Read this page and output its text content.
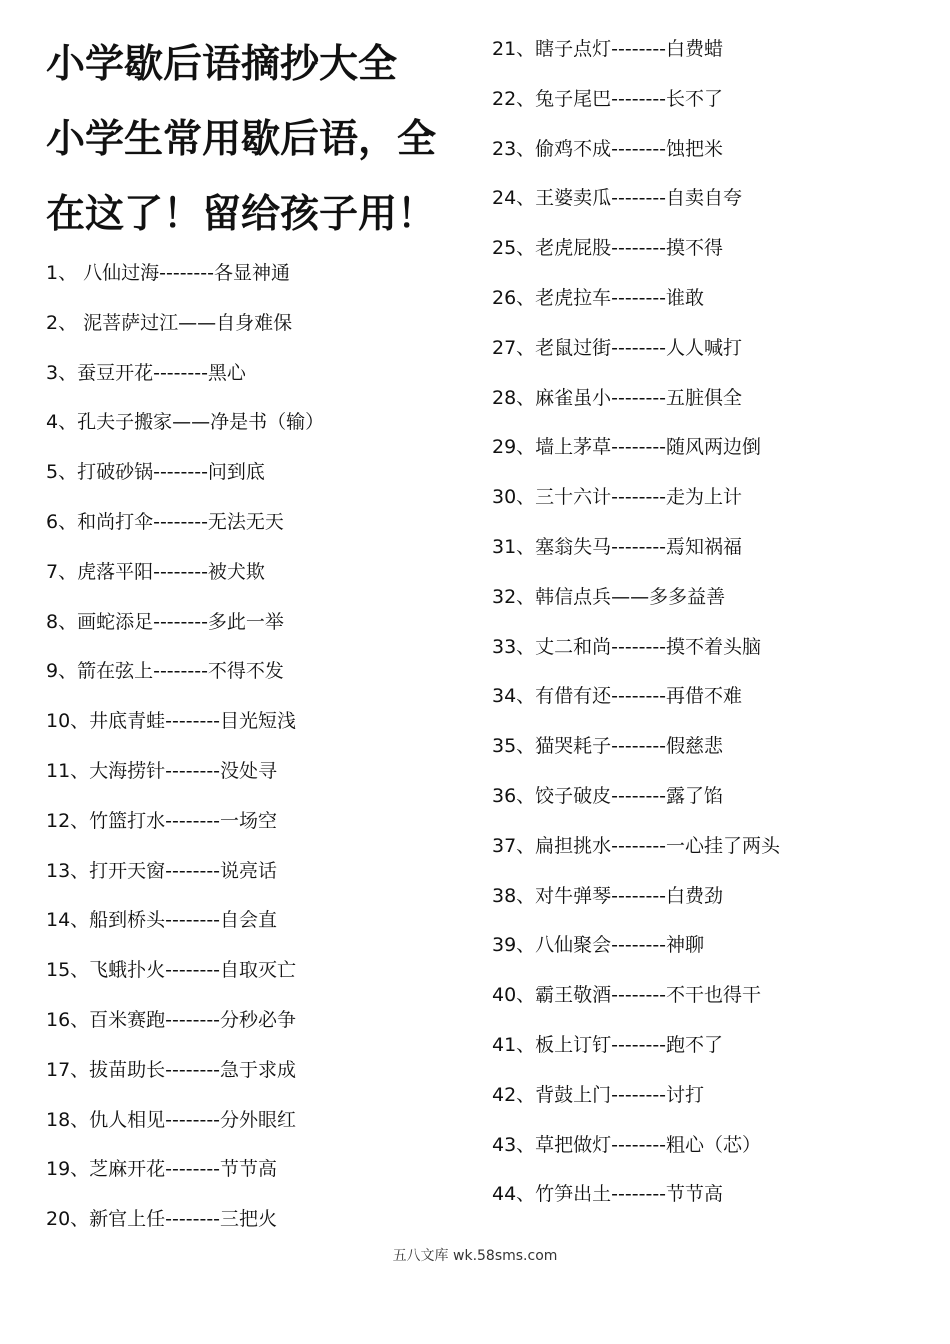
小学歇后语摘抄大全
小学生常用歇后语，全
在这了！留给孩子用！
1、 八仙过海--------各显神通
2、 泥菩萨过江——自身难保
3、蚕豆开花--------黑心
4、孔夫子搬家——净是书（输）
5、打破砂锅--------问到底
6、和尚打伞--------无法无天
7、虎落平阳--------被犬欺
8、画蛇添足--------多此一举
9、箭在弦上--------不得不发
10、井底青蛙--------目光短浅
11、大海捞针--------没处寻
12、竹篮打水--------一场空
13、打开天窗--------说亮话
14、船到桥头--------自会直
15、飞蛾扑火--------自取灭亡
16、百米赛跑--------分秒必争
17、拔苗助长--------急于求成
18、仇人相见--------分外眼红
19、芝麻开花--------节节高
20、新官上任--------三把火
21、瞎子点灯--------白费蜡
22、兔子尾巴--------长不了
23、偷鸡不成--------蚀把米
24、王婆卖瓜--------自卖自夸
25、老虎屁股--------摸不得
26、老虎拉车--------谁敢
27、老鼠过街--------人人喊打
28、麻雀虽小--------五脏俱全
29、墙上茅草--------随风两边倒
30、三十六计--------走为上计
31、塞翁失马--------焉知祸福
32、韩信点兵——多多益善
33、丈二和尚--------摸不着头脑
34、有借有还--------再借不难
35、猫哭耗子--------假慈悲
36、饺子破皮--------露了馅
37、扁担挑水--------一心挂了两头
38、对牛弹琴--------白费劲
39、八仙聚会--------神聊
40、霸王敬酒--------不干也得干
41、板上订钉--------跑不了
42、背鼓上门--------讨打
43、草把做灯--------粗心（芯）
44、竹笋出土--------节节高
五八文库 wk.58sms.com
